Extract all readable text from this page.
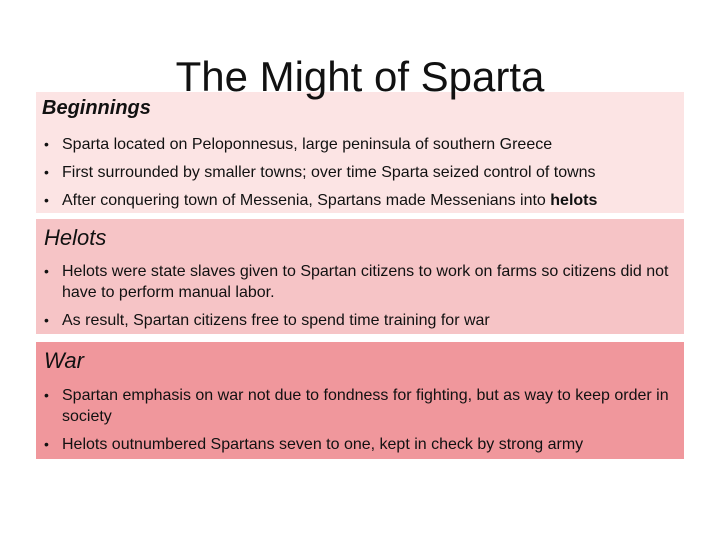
The Might of Sparta
Beginnings
• Sparta located on Peloponnesus, large peninsula of southern Greece
• First surrounded by smaller towns; over time Sparta seized control of towns
• After conquering town of Messenia, Spartans made Messenians into helots
Helots
• Helots were state slaves given to Spartan citizens to work on farms so citizens did not have to perform manual labor.
• As result, Spartan citizens free to spend time training for war
War
• Spartan emphasis on war not due to fondness for fighting, but as way to keep order in society
• Helots outnumbered Spartans seven to one, kept in check by strong army
